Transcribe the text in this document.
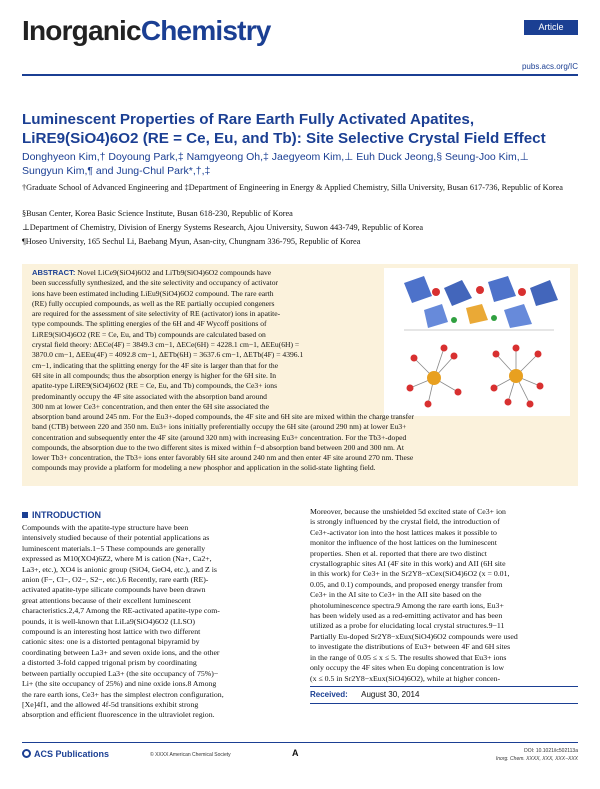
InorganicChemistry	Article
pubs.acs.org/IC
Luminescent Properties of Rare Earth Fully Activated Apatites,
LiRE9(SiO4)6O2 (RE = Ce, Eu, and Tb): Site Selective Crystal Field Effect
Donghyeon Kim,† Doyoung Park,‡ Namgyeong Oh,‡ Jaegyeom Kim,⊥ Euh Duck Jeong,§ Seung-Joo Kim,⊥
Sungyun Kim,¶ and Jung-Chul Park*,†,‡
†Graduate School of Advanced Engineering and ‡Department of Engineering in Energy & Applied Chemistry, Silla University, Busan 617-736, Republic of Korea
§Busan Center, Korea Basic Science Institute, Busan 618-230, Republic of Korea
⊥Department of Chemistry, Division of Energy Systems Research, Ajou University, Suwon 443-749, Republic of Korea
¶Hoseo University, 165 Sechul Li, Baebang Myun, Asan-city, Chungnam 336-795, Republic of Korea
ABSTRACT: Novel LiCe9(SiO4)6O2 and LiTb9(SiO4)6O2 compounds have
been successfully synthesized, and the site selectivity and occupancy of activator
ions have been estimated including LiEu9(SiO4)6O2 compound. The rare earth
(RE) fully occupied compounds, as well as the RE partially occupied congeners
are required for the assessment of site selectivity of RE (activator) ions in apatite-
type compounds. The splitting energies of the 6H and 4F Wycoff positions of
LiRE9(SiO4)6O2 (RE = Ce, Eu, and Tb) compounds are calculated based on
crystal field theory: ΔECe(4F) = 3849.3 cm−1, ΔECe(6H) = 4228.1 cm−1, ΔEEu(6H) =
3870.0 cm−1, ΔEEu(4F) = 4092.8 cm−1, ΔETb(6H) = 3637.6 cm−1, ΔETb(4F) = 4396.1
cm−1, indicating that the splitting energy for the 4F site is larger than that for the
6H site in all compounds; thus the absorption energy is higher for the 6H site. In
apatite-type LiRE9(SiO4)6O2 (RE = Ce, Eu, and Tb) compounds, the Ce3+ ions
predominantly occupy the 4F site associated with the absorption band around
300 nm at lower Ce3+ concentration, and then enter the 6H site associated the
absorption band around 245 nm. For the Eu3+-doped compounds, the 4F site and 6H site are mixed within the charge transfer
band (CTB) between 220 and 350 nm. Eu3+ ions initially preferentially occupy the 6H site (around 290 nm) at lower Eu3+
concentration and subsequently enter the 4F site (around 320 nm) with increasing Eu3+ concentration. For the Tb3+-doped
compounds, the absorption due to the two different sites is mixed within f−d absorption band between 200 and 300 nm. At
lower Tb3+ concentration, the Tb3+ ions enter favorably 6H site around 240 nm and then enter 4F site around 270 nm. These
compounds may provide a platform for modeling a new phosphor and application in the solid-state lighting field.
INTRODUCTION
Compounds with the apatite-type structure have been
intensively studied because of their potential applications as
luminescent materials.1−5 These compounds are generally
expressed as M10(XO4)6Z2, where M is cation (Na+, Ca2+,
La3+, etc.), XO4 is anionic group (SiO4, GeO4, etc.), and Z is
anion (F−, Cl−, O2−, S2−, etc.).6 Recently, rare earth (RE)-
activated apatite-type silicate compounds have been drawn
great attentions because of their excellent luminescent
characteristics.2,4,7 Among the RE-activated apatite-type com-
pounds, it is well-known that LiLa9(SiO4)6O2 (LLSO)
compound is an interesting host lattice with two different
cationic sites: one is a distorted pentagonal bipyramid by
coordinating between La3+ and seven oxide ions, and the other
a distorted 3-fold capped trigonal prism by coordinating
between partially occupied La3+ (the site occupancy of 75%)−
Li+ (the site occupancy of 25%) and nine oxide ions.8 Among
the rare earth ions, Ce3+ has the simplest electron configuration,
[Xe]4f1, and the allowed 4f-5d transitions exhibit strong
absorption and efficient fluorescence in the ultraviolet region.
Moreover, because the unshielded 5d excited state of Ce3+ ion
is strongly influenced by the crystal field, the introduction of
Ce3+-activator ion into the host lattices makes it possible to
monitor the influence of the host lattices on the luminescent
properties. Shen et al. reported that there are two distinct
crystallographic sites AI (4F site in this work) and AII (6H site
in this work) for Ce3+ in the Sr2Y8−xCex(SiO4)6O2 (x = 0.01,
0.05, and 0.1) compounds, and proposed energy transfer from
Ce3+ in the AI site to Ce3+ in the AII site based on the
photoluminescence spectra.9 Among the rare earth ions, Eu3+
has been widely used as a red-emitting activator and has been
utilized as a probe for elucidating local crystal structures.9−11
Partially Eu-doped Sr2Y8−xEux(SiO4)6O2 compounds were used
to investigate the distributions of Eu3+ between 4F and 6H sites
in the range of 0.05 ≤ x ≤ 5. The results showed that Eu3+ ions
only occupy the 4F sites when Eu doping concentration is low
(x ≤ 0.5 in Sr2Y8−xEux(SiO4)6O2), while at higher concen-
Received: August 30, 2014
ACS Publications	© XXXX American Chemical Society	A	DOI: 10.1021/ic502113a
Inorg. Chem. XXXX, XXX, XXX−XXX
